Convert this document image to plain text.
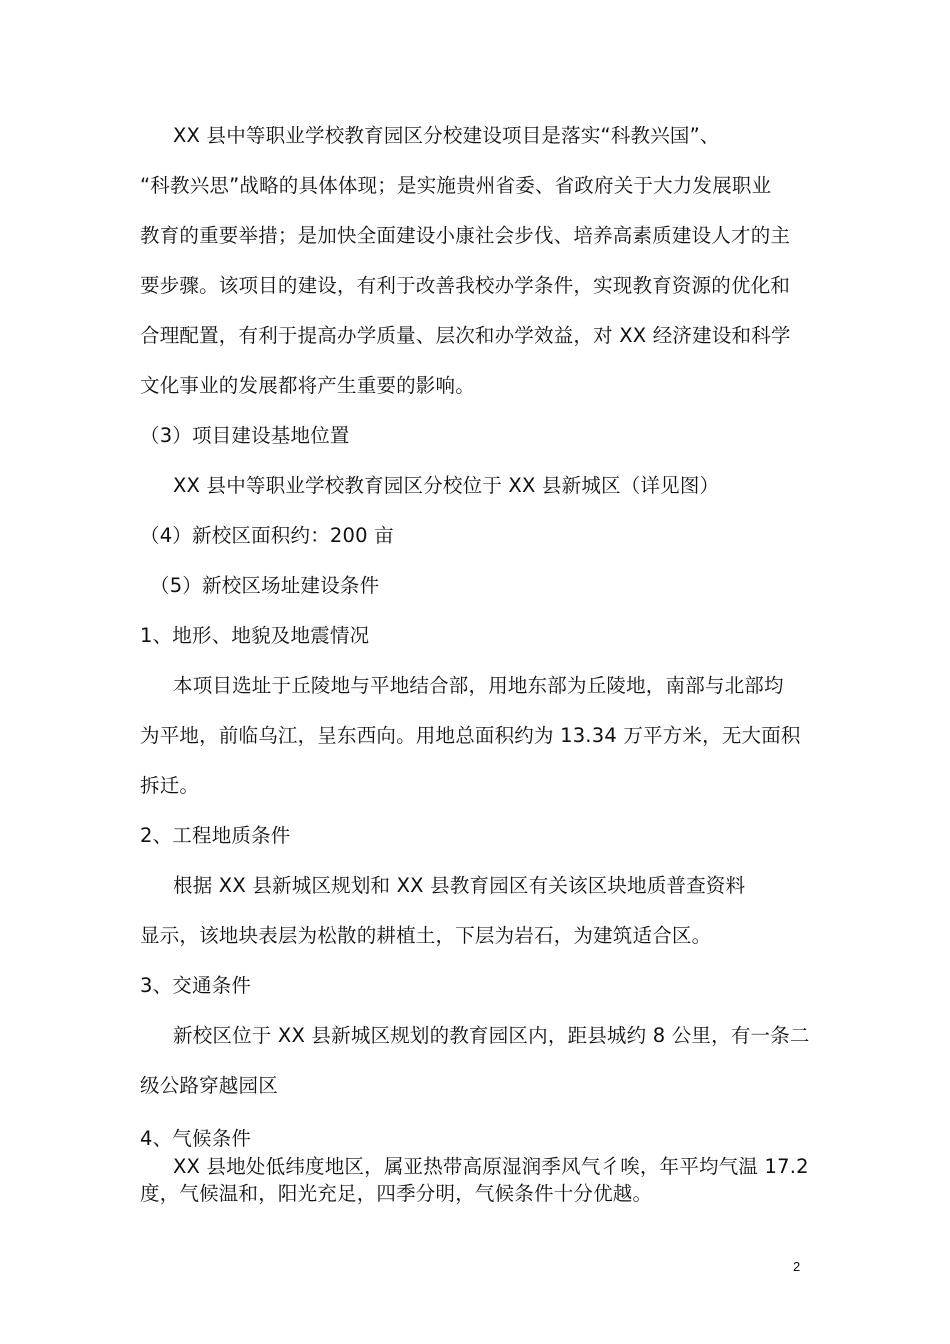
XX 县中等职业学校教育园区分校建设项目是落实“科教兴国”、
“科教兴思”战略的具体体现；是实施贵州省委、省政府关于大力发展职业
教育的重要举措；是加快全面建设小康社会步伐、培养高素质建设人才的主
要步骤。该项目的建设，有利于改善我校办学条件，实现教育资源的优化和
合理配置，有利于提高办学质量、层次和办学效益，对 XX 经济建设和科学
文化事业的发展都将产生重要的影响。
（3）项目建设基地位置
XX 县中等职业学校教育园区分校位于 XX 县新城区（详见图）
（4）新校区面积约：200 亩
（5）新校区场址建设条件
1、地形、地貌及地震情况
本项目选址于丘陵地与平地结合部，用地东部为丘陵地，南部与北部均
为平地，前临乌江，呈东西向。用地总面积约为 13.34 万平方米，无大面积
拆迁。
2、工程地质条件
根据 XX 县新城区规划和 XX 县教育园区有关该区块地质普查资料
显示，该地块表层为松散的耕植土，下层为岩石，为建筑适合区。
3、交通条件
新校区位于 XX 县新城区规划的教育园区内，距县城约 8 公里，有一条二
级公路穿越园区
4、气候条件
XX 县地处低纬度地区，属亚热带高原湿润季风气彳唉，年平均气温 17.2
度，气候温和，阳光充足，四季分明，气候条件十分优越。
2
